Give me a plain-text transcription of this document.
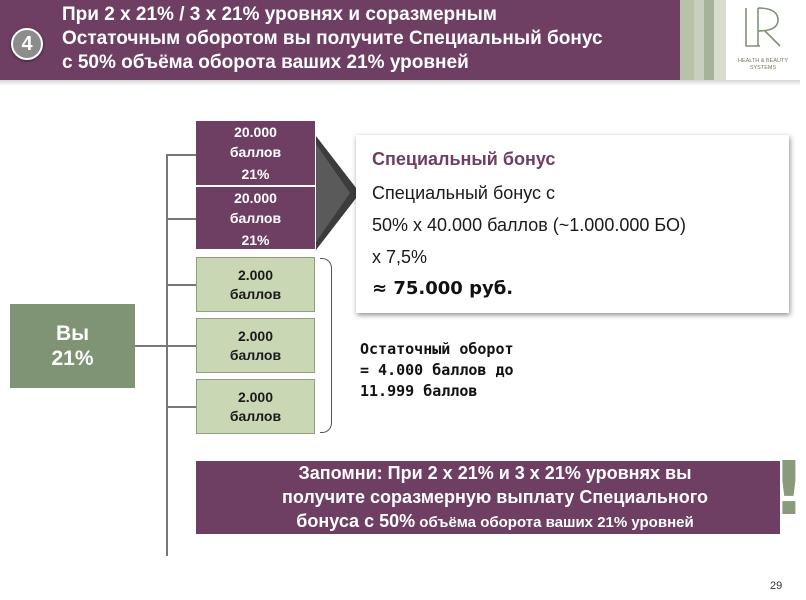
4
При 2 х 21% / 3 х 21% уровнях и соразмерным
Остаточным оборотом вы получите Специальный бонус
с 50% объёма оборота ваших 21% уровней	HEALTH & BEAUTY
SYSTEMS
Вы
21%
20.000
баллов
21%
20.000
баллов
21%
2.000
баллов
2.000
баллов
2.000
баллов
Специальный бонус
Специальный бонус с
50% х 40.000 баллов (~1.000.000 БО)
х 7,5%
≈ 75.000 руб.
Остаточный оборот
= 4.000 баллов до
11.999 баллов
Запомни: При 2 х 21% и 3 х 21% уровнях вы
получите соразмерную выплату Специального
бонуса с 50% объёма оборота ваших 21% уровней	!
29
